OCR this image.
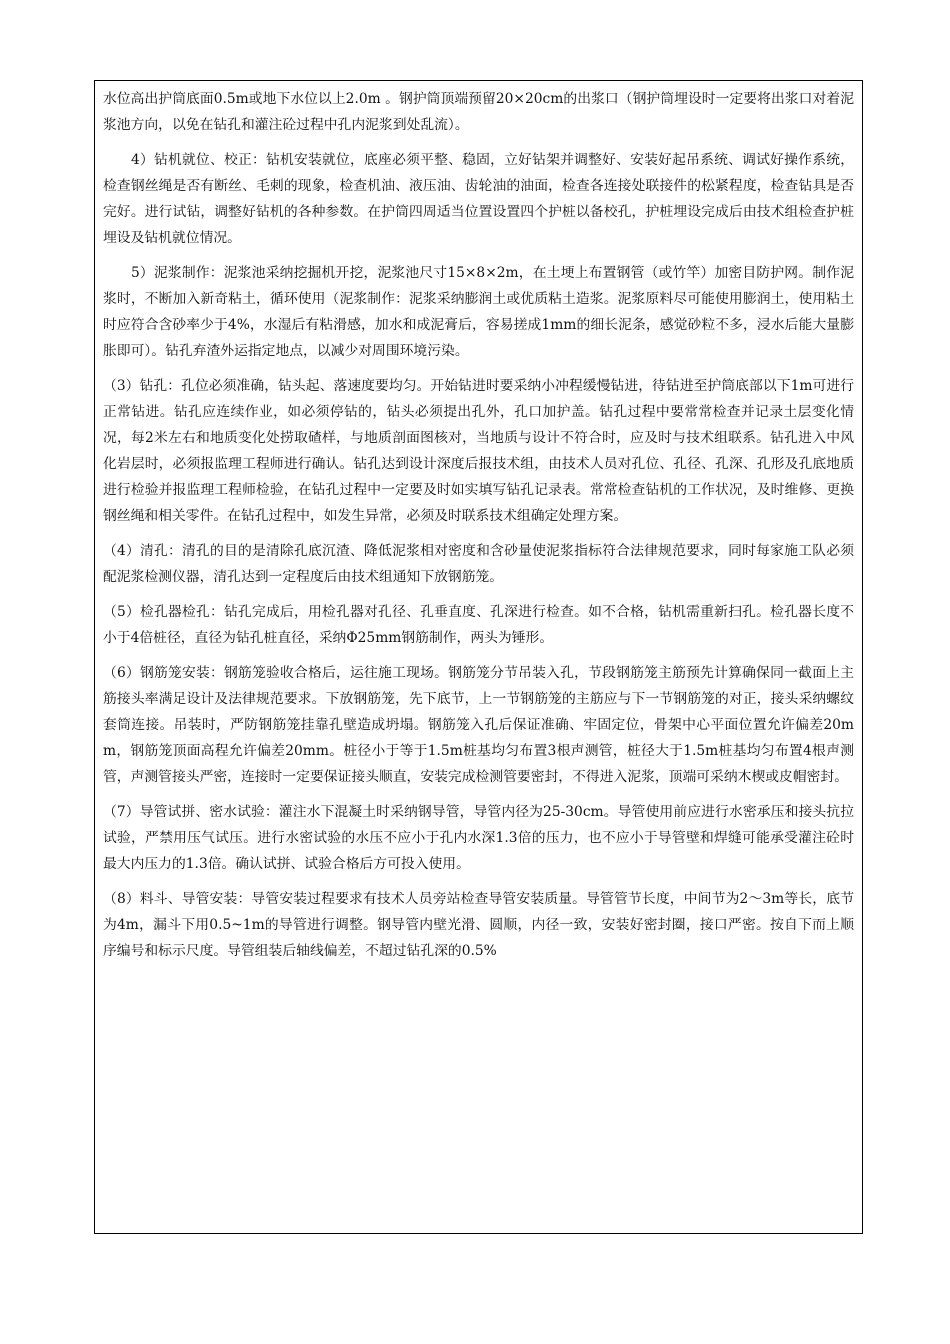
水位高出护筒底面0.5m或地下水位以上2.0m 。钢护筒顶端预留20×20cm的出浆口（钢护筒埋设时一定要将出浆口对着泥浆池方向，以免在钻孔和灌注砼过程中孔内泥浆到处乱流）。

　　4）钻机就位、校正：钻机安装就位，底座必须平整、稳固，立好钻架并调整好、安装好起吊系统、调试好操作系统，检查钢丝绳是否有断丝、毛刺的现象，检查机油、液压油、齿轮油的油面，检查各连接处联接件的松紧程度，检查钻具是否完好。进行试钻，调整好钻机的各种参数。在护筒四周适当位置设置四个护桩以备校孔，护桩埋设完成后由技术组检查护桩埋设及钻机就位情况。

　　5）泥浆制作：泥浆池采纳挖掘机开挖，泥浆池尺寸15×8×2m，在土埂上布置钢管（或竹竿）加密目防护网。制作泥浆时，不断加入新奇粘土，循环使用（泥浆制作：泥浆采纳膨润土或优质粘土造浆。泥浆原料尽可能使用膨润土，使用粘土时应符合含砂率少于4%，水湿后有粘滑感，加水和成泥膏后，容易搓成1mm的细长泥条，感觉砂粒不多，浸水后能大量膨胀即可）。钻孔弃渣外运指定地点，以减少对周围环境污染。

（3）钻孔：孔位必须准确，钻头起、落速度要均匀。开始钻进时要采纳小冲程缓慢钻进，待钻进至护筒底部以下1m可进行正常钻进。钻孔应连续作业，如必须停钻的，钻头必须提出孔外，孔口加护盖。钻孔过程中要常常检查并记录土层变化情况，每2米左右和地质变化处捞取碴样，与地质剖面图核对，当地质与设计不符合时，应及时与技术组联系。钻孔进入中风化岩层时，必须报监理工程师进行确认。钻孔达到设计深度后报技术组，由技术人员对孔位、孔径、孔深、孔形及孔底地质进行检验并报监理工程师检验，在钻孔过程中一定要及时如实填写钻孔记录表。常常检查钻机的工作状况，及时维修、更换钢丝绳和相关零件。在钻孔过程中，如发生异常，必须及时联系技术组确定处理方案。

（4）清孔：清孔的目的是清除孔底沉渣、降低泥浆相对密度和含砂量使泥浆指标符合法律规范要求，同时每家施工队必须配泥浆检测仪器，清孔达到一定程度后由技术组通知下放钢筋笼。

（5）检孔器检孔：钻孔完成后，用检孔器对孔径、孔垂直度、孔深进行检查。如不合格，钻机需重新扫孔。检孔器长度不小于4倍桩径，直径为钻孔桩直径，采纳Φ25mm钢筋制作，两头为锤形。

（6）钢筋笼安装：钢筋笼验收合格后，运往施工现场。钢筋笼分节吊装入孔，节段钢筋笼主筋预先计算确保同一截面上主筋接头率满足设计及法律规范要求。下放钢筋笼，先下底节，上一节钢筋笼的主筋应与下一节钢筋笼的对正，接头采纳螺纹套筒连接。吊装时，严防钢筋笼挂靠孔壁造成坍塌。钢筋笼入孔后保证准确、牢固定位，骨架中心平面位置允许偏差20mm，钢筋笼顶面高程允许偏差20mm。桩径小于等于1.5m桩基均匀布置3根声测管，桩径大于1.5m桩基均匀布置4根声测管，声测管接头严密，连接时一定要保证接头顺直，安装完成检测管要密封，不得进入泥浆，顶端可采纳木楔或皮帽密封。

（7）导管试拼、密水试验：灌注水下混凝土时采纳钢导管，导管内径为25-30cm。导管使用前应进行水密承压和接头抗拉试验，严禁用压气试压。进行水密试验的水压不应小于孔内水深1.3倍的压力，也不应小于导管壁和焊缝可能承受灌注砼时最大内压力的1.3倍。确认试拼、试验合格后方可投入使用。

（8）料斗、导管安装：导管安装过程要求有技术人员旁站检查导管安装质量。导管管节长度，中间节为2～3m等长，底节为4m，漏斗下用0.5~1m的导管进行调整。钢导管内壁光滑、圆顺，内径一致，安装好密封圈，接口严密。按自下而上顺序编号和标示尺度。导管组装后轴线偏差，不超过钻孔深的0.5%
